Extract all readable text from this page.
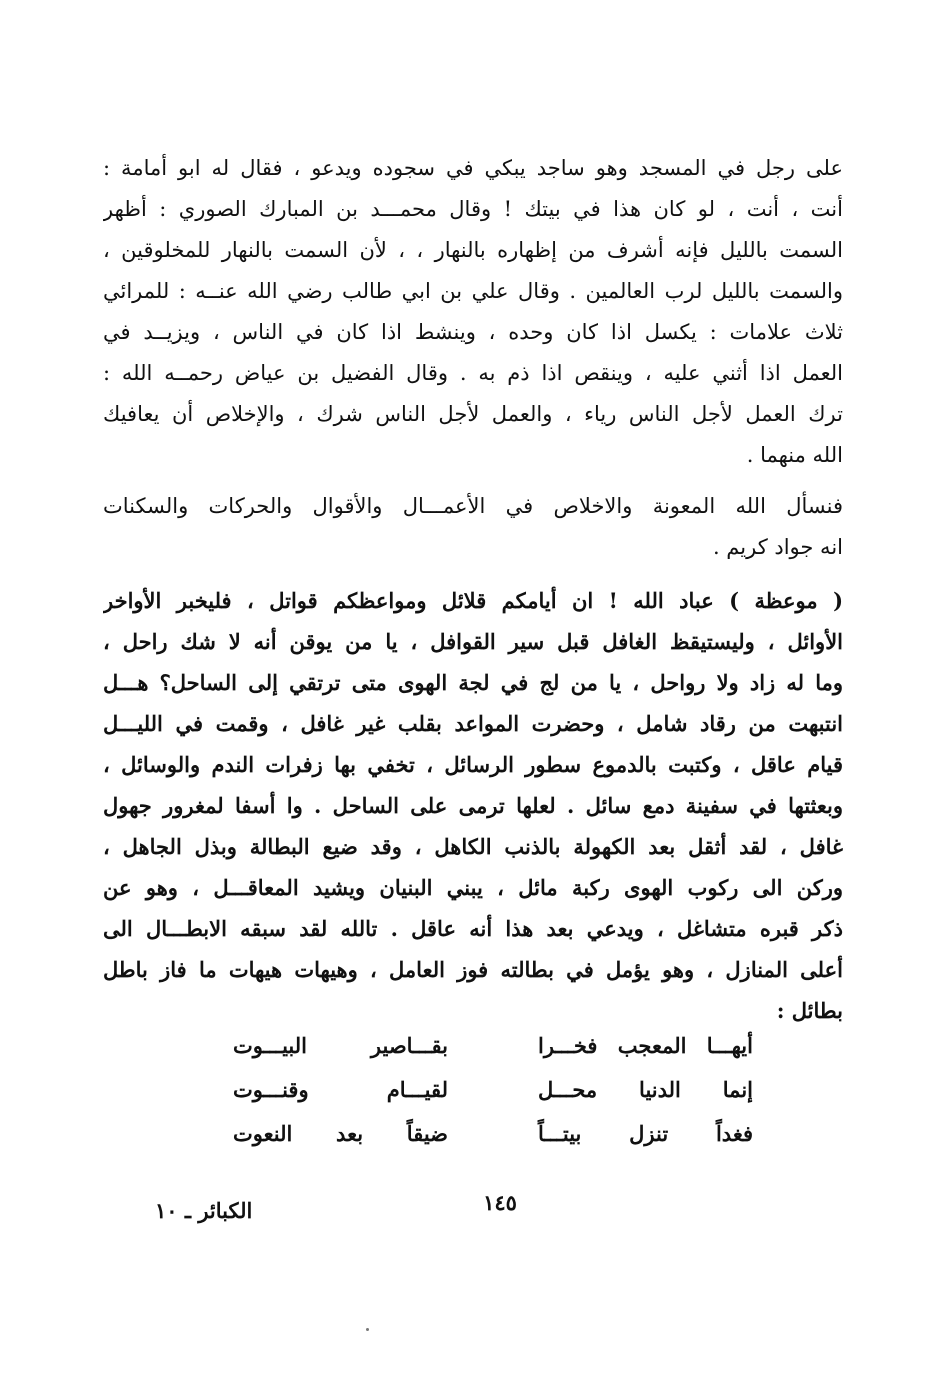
على رجل في المسجد وهو ساجد يبكي في سجوده ويدعو ، فقال له ابو أمامة :
أنت ، أنت ، لو كان هذا في بيتك ! وقال محمـــد بن المبارك الصوري : أظهر
السمت بالليل فإنه أشرف من إظهاره بالنهار ، ، لأن السمت بالنهار للمخلوقين ،
والسمت بالليل لرب العالمين . وقال علي بن ابي طالب رضي الله عنــه : للمرائي
ثلاث علامات : يكسل اذا كان وحده ، وينشط اذا كان في الناس ، ويزيــد في
العمل اذا أثني عليه ، وينقص اذا ذم به . وقال الفضيل بن عياض رحمــه الله :
ترك العمل لأجل الناس رياء ، والعمل لأجل الناس شرك ، والإخلاص أن يعافيك
الله منهما .
فنسأل الله المعونة والاخلاص في الأعمـــال والأقوال والحركات والسكنات
انه جواد كريم .
( موعظة ) عباد الله ! ان أيامكم قلائل ومواعظكم قواتل ، فليخبر الأواخر
الأوائل ، وليستيقظ الغافل قبل سير القوافل ، يا من يوقن أنه لا شك راحل ،
وما له زاد ولا رواحل ، يا من لج في لجة الهوى متى ترتقي إلى الساحل؟ هـــل
انتبهت من رقاد شامل ، وحضرت المواعد بقلب غير غافل ، وقمت في الليـــل
قيام عاقل ، وكتبت بالدموع سطور الرسائل ، تخفي بها زفرات الندم والوسائل ،
وبعثتها في سفينة دمع سائل . لعلها ترمى على الساحل . وا أسفا لمغرور جهول
غافل ، لقد أثقل بعد الكهولة بالذنب الكاهل ، وقد ضيع البطالة وبذل الجاهل ،
وركن الى ركوب الهوى ركبة مائل ، يبني البنيان ويشيد المعاقـــل ، وهو عن
ذكر قبره متشاغل ، ويدعي بعد هذا أنه عاقل . تالله لقد سبقه الابطـــال الى
أعلى المنازل ، وهو يؤمل في بطالته فوز العامل ، وهيهات هيهات ما فاز باطل
بطائل :
أيهـــا المعجب فخـــرا
بقـــاصير البيـــوت
إنما الدنيا محـــل
لقيـــام وقنـــوت
فغداً تنزل بيتـــاً
ضيقاً بعد النعوت
١٤٥
الكبائر ـ ١٠
